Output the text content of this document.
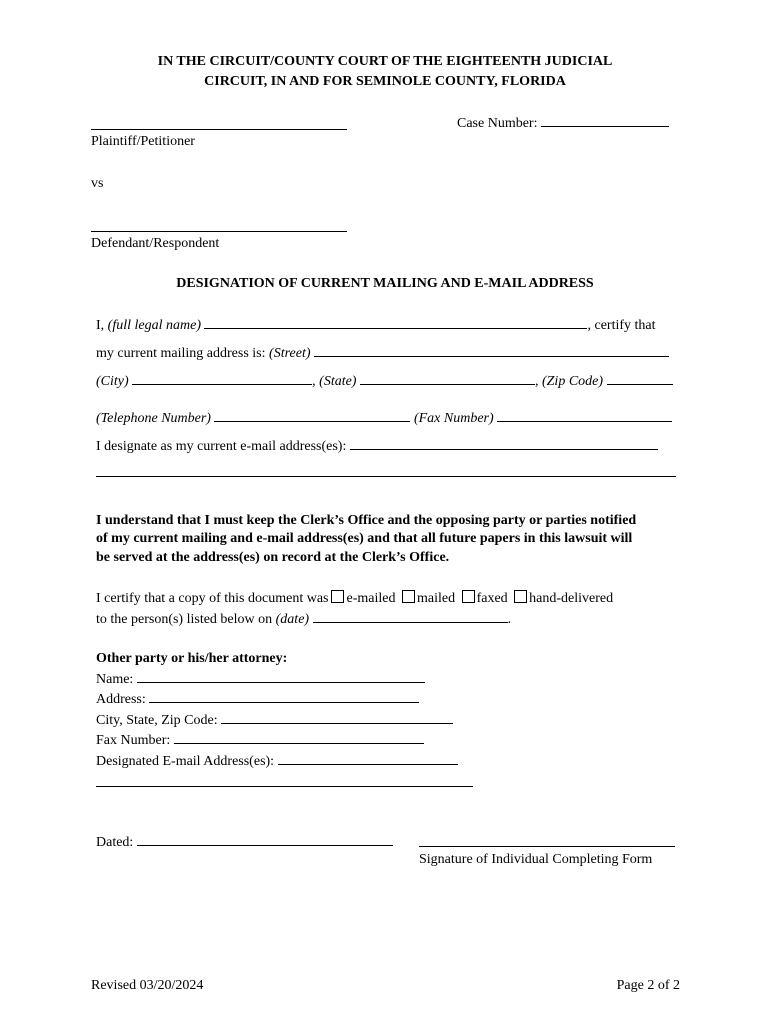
IN THE CIRCUIT/COUNTY COURT OF THE EIGHTEENTH JUDICIAL
CIRCUIT, IN AND FOR SEMINOLE COUNTY, FLORIDA
Case Number:
Plaintiff/Petitioner
vs
Defendant/Respondent
DESIGNATION OF CURRENT MAILING AND E-MAIL ADDRESS
I, (full legal name)	, certify that
my current mailing address is: (Street)
(City)	, (State)	, (Zip Code)
(Telephone Number)	(Fax Number)
I designate as my current e-mail address(es):
I understand that I must keep the Clerk’s Office and the opposing party or parties notified
of my current mailing and e-mail address(es) and that all future papers in this lawsuit will
be served at the address(es) on record at the Clerk’s Office.
I certify that a copy of this document was e-mailed mailed faxed hand-delivered
to the person(s) listed below on (date)	.
Other party or his/her attorney:
Name:
Address:
City, State, Zip Code:
Fax Number:
Designated E-mail Address(es):
Dated:
Signature of Individual Completing Form
Revised 03/20/2024	Page 2 of 2
